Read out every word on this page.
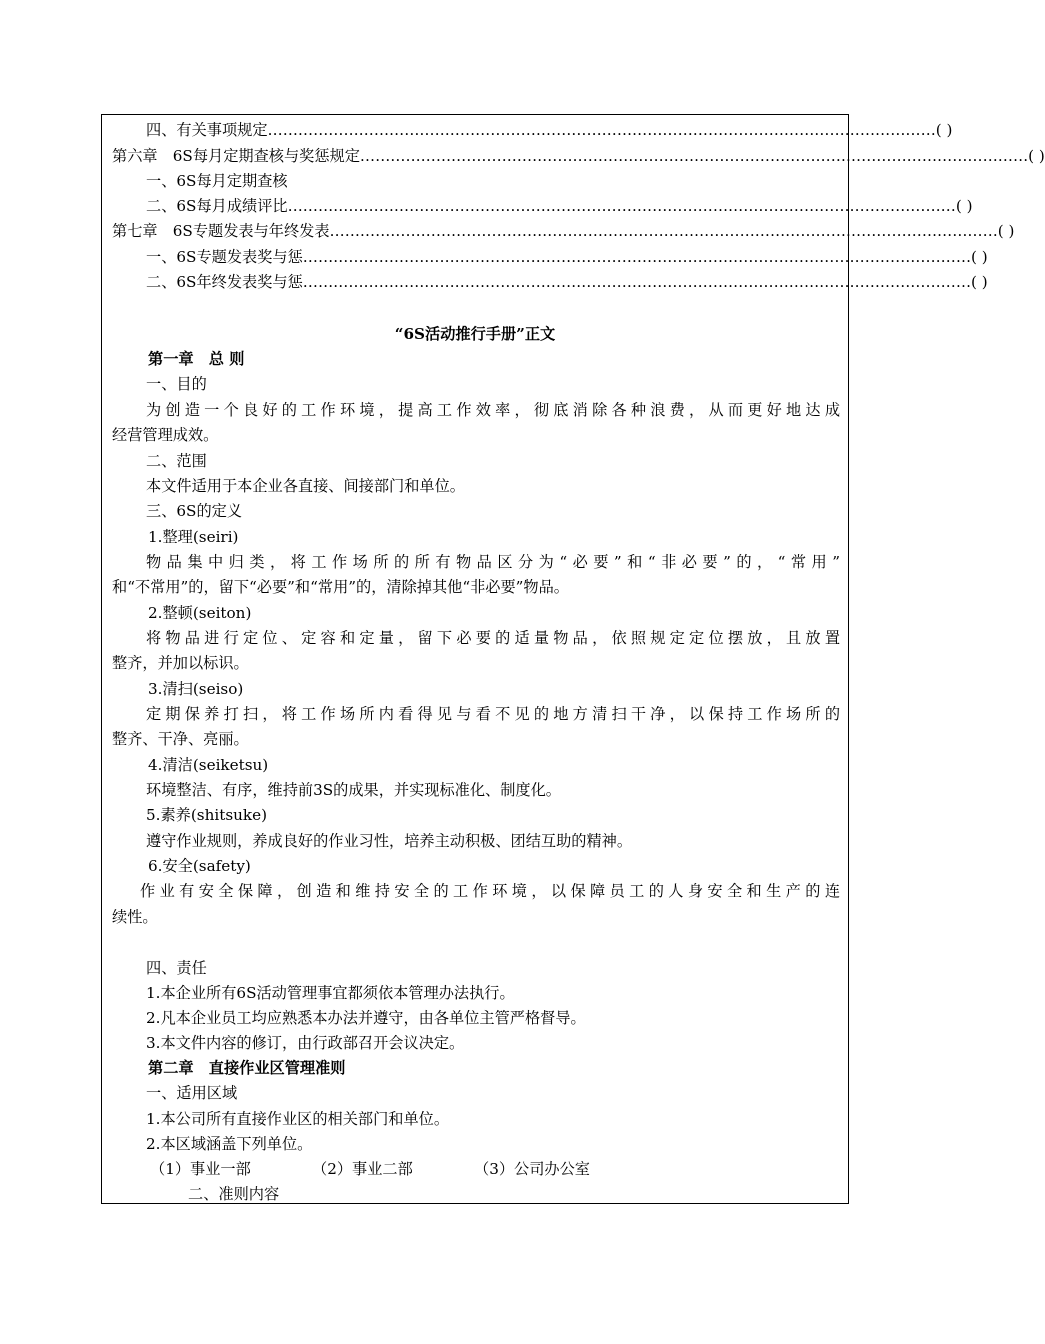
四、有关事项规定 …………………………………………………………………………………………………………………… ( )
第六章　6S每月定期查核与奖惩规定 …………………………………………………………………………………………………………………… ( )
一、6S每月定期查核
二、6S每月成绩评比 …………………………………………………………………………………………………………………… ( )
第七章　6S专题发表与年终发表 …………………………………………………………………………………………………………………… ( )
一、6S专题发表奖与惩 …………………………………………………………………………………………………………………… ( )
二、6S年终发表奖与惩 …………………………………………………………………………………………………………………… ( )
“6S活动推行手册”正文
第一章　总 则
一、目的
为创造一个良好的工作环境，提高工作效率，彻底消除各种浪费，从而更好地达成
经营管理成效。
二、范围
本文件适用于本企业各直接、间接部门和单位。
三、6S的定义
1.整理(seiri)
物品集中归类，将工作场所的所有物品区分为“必要”和“非必要”的，“常用”
和“不常用”的，留下“必要”和“常用”的，清除掉其他“非必要”物品。
2.整顿(seiton)
将物品进行定位、定容和定量，留下必要的适量物品，依照规定定位摆放，且放置
整齐，并加以标识。
3.清扫(seiso)
定期保养打扫，将工作场所内看得见与看不见的地方清扫干净，以保持工作场所的
整齐、干净、亮丽。
4.清洁(seiketsu)
环境整洁、有序，维持前3S的成果，并实现标准化、制度化。
5.素养(shitsuke)
遵守作业规则，养成良好的作业习性，培养主动积极、团结互助的精神。
6.安全(safety)
作业有安全保障，创造和维持安全的工作环境，以保障员工的人身安全和生产的连
续性。
四、责任
1.本企业所有6S活动管理事宜都须依本管理办法执行。
2.凡本企业员工均应熟悉本办法并遵守，由各单位主管严格督导。
3.本文件内容的修订，由行政部召开会议决定。
第二章　直接作业区管理准则
一、适用区域
1.本公司所有直接作业区的相关部门和单位。
2.本区域涵盖下列单位。
（1）事业一部	（2）事业二部	（3）公司办公室
二、准则内容
